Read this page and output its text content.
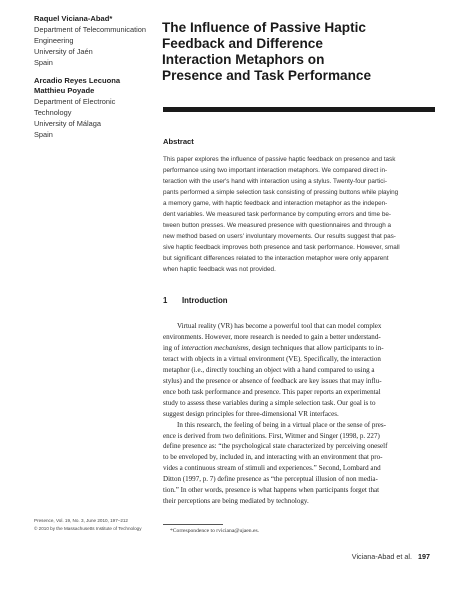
Raquel Viciana-Abad*
Department of Telecommunication
Engineering
University of Jaén
Spain
Arcadio Reyes Lecuona
Matthieu Poyade
Department of Electronic
Technology
University of Málaga
Spain
The Influence of Passive Haptic
Feedback and Difference
Interaction Metaphors on
Presence and Task Performance
Abstract
This paper explores the influence of passive haptic feedback on presence and task
performance using two important interaction metaphors. We compared direct in-
teraction with the user's hand with interaction using a stylus. Twenty-four partici-
pants performed a simple selection task consisting of pressing buttons while playing
a memory game, with haptic feedback and interaction metaphor as the indepen-
dent variables. We measured task performance by computing errors and time be-
tween button presses. We measured presence with questionnaires and through a
new method based on users' involuntary movements. Our results suggest that pas-
sive haptic feedback improves both presence and task performance. However, small
but significant differences related to the interaction metaphor were only apparent
when haptic feedback was not provided.
1 Introduction
Virtual reality (VR) has become a powerful tool that can model complex
environments. However, more research is needed to gain a better understand-
ing of interaction mechanisms, design techniques that allow participants to in-
teract with objects in a virtual environment (VE). Specifically, the interaction
metaphor (i.e., directly touching an object with a hand compared to using a
stylus) and the presence or absence of feedback are key issues that may influ-
ence both task performance and presence. This paper reports an experimental
study to assess these variables during a simple selection task. Our goal is to
suggest design principles for three-dimensional VR interfaces.
In this research, the feeling of being in a virtual place or the sense of pres-
ence is derived from two definitions. First, Witmer and Singer (1998, p. 227)
define presence as: “the psychological state characterized by perceiving oneself
to be enveloped by, included in, and interacting with an environment that pro-
vides a continuous stream of stimuli and experiences.” Second, Lombard and
Ditton (1997, p. 7) define presence as “the perceptual illusion of non media-
tion.” In other words, presence is what happens when participants forget that
their perceptions are being mediated by technology.
Presence, Vol. 19, No. 3, June 2010, 197–212
© 2010 by the Massachusetts Institute of Technology	*Correspondence to rviciana@ujaen.es.
Viciana-Abad et al. 197
